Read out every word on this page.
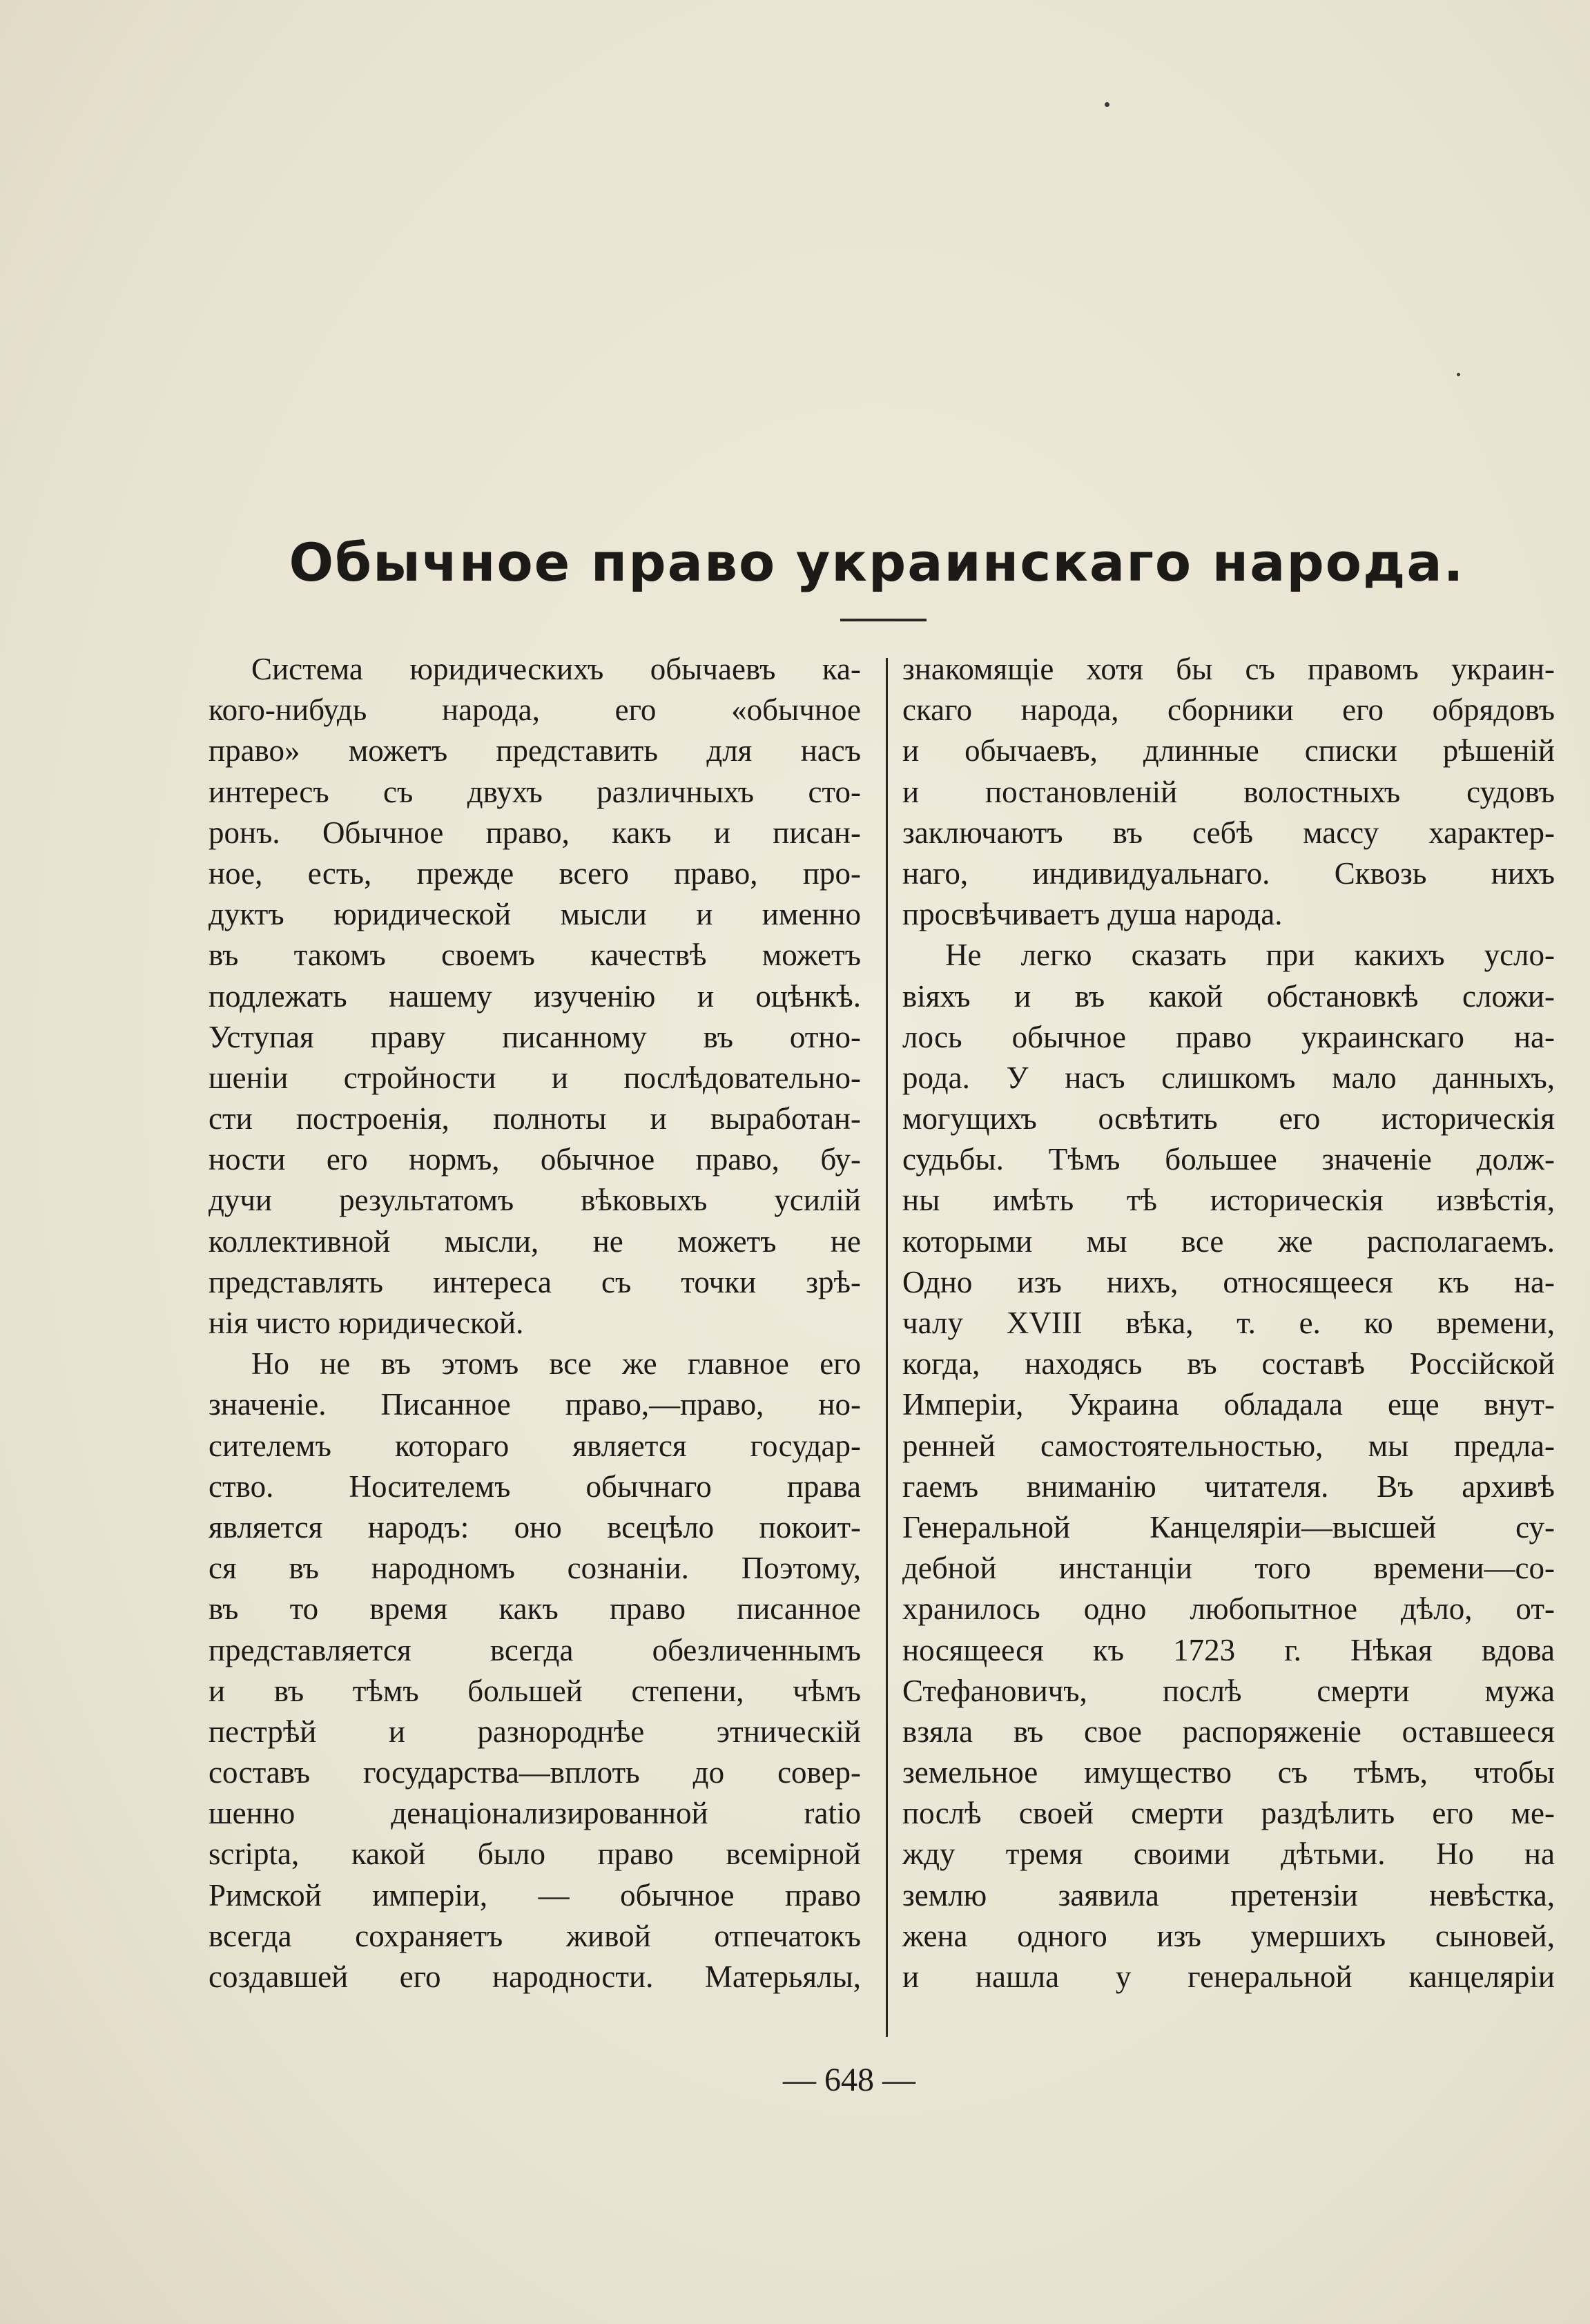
Обычное право украинскаго народа.
Система юридическихъ обычаевъ ка-
кого-нибудь народа, его «обычное
право» можетъ представить для насъ
интересъ съ двухъ различныхъ сто-
ронъ. Обычное право, какъ и писан-
ное, есть, прежде всего право, про-
дуктъ юридической мысли и именно
въ такомъ своемъ качествѣ можетъ
подлежать нашему изученію и оцѣнкѣ.
Уступая праву писанному въ отно-
шеніи стройности и послѣдовательно-
сти построенія, полноты и выработан-
ности его нормъ, обычное право, бу-
дучи результатомъ вѣковыхъ усилій
коллективной мысли, не можетъ не
представлять интереса съ точки зрѣ-
нія чисто юридической.
Но не въ этомъ все же главное его
значеніе. Писанное право,—право, но-
сителемъ котораго является государ-
ство. Носителемъ обычнаго права
является народъ: оно всецѣло покоит-
ся въ народномъ сознаніи. Поэтому,
въ то время какъ право писанное
представляется всегда обезличеннымъ
и въ тѣмъ большей степени, чѣмъ
пестрѣй и разнороднѣе этническій
составъ государства—вплоть до совер-
шенно денаціонализированной ratio
scripta, какой было право всемірной
Римской имперіи, — обычное право
всегда сохраняетъ живой отпечатокъ
создавшей его народности. Матерьялы,
знакомящіе хотя бы съ правомъ украин-
скаго народа, сборники его обрядовъ
и обычаевъ, длинные списки рѣшеній
и постановленій волостныхъ судовъ
заключаютъ въ себѣ массу характер-
наго, индивидуальнаго. Сквозь нихъ
просвѣчиваетъ душа народа.
Не легко сказать при какихъ усло-
віяхъ и въ какой обстановкѣ сложи-
лось обычное право украинскаго на-
рода. У насъ слишкомъ мало данныхъ,
могущихъ освѣтить его историческія
судьбы. Тѣмъ большее значеніе долж-
ны имѣть тѣ историческія извѣстія,
которыми мы все же располагаемъ.
Одно изъ нихъ, относящееся къ на-
чалу XVIII вѣка, т. е. ко времени,
когда, находясь въ составѣ Россійской
Имперіи, Украина обладала еще внут-
ренней самостоятельностью, мы предла-
гаемъ вниманію читателя. Въ архивѣ
Генеральной Канцеляріи—высшей су-
дебной инстанціи того времени—со-
хранилось одно любопытное дѣло, от-
носящееся къ 1723 г. Нѣкая вдова
Стефановичъ, послѣ смерти мужа
взяла въ свое распоряженіе оставшееся
земельное имущество съ тѣмъ, чтобы
послѣ своей смерти раздѣлить его ме-
жду тремя своими дѣтьми. Но на
землю заявила претензіи невѣстка,
жена одного изъ умершихъ сыновей,
и нашла у генеральной канцеляріи
— 648 —
